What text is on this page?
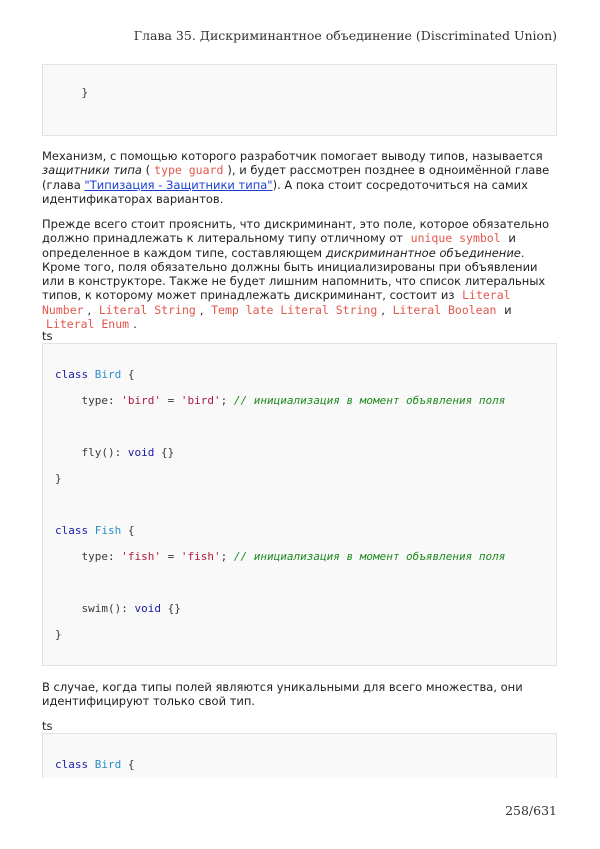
Глава 35. Дискриминантное объединение (Discriminated Union)

}

Механизм, с помощью которого разработчик помогает выводу типов, называется защитники типа ( type guard ), и будет рассмотрен позднее в одноимённой главе (глава "Типизация - Защитники типа"). А пока стоит сосредоточиться на самих идентификаторах вариантов.
Прежде всего стоит прояснить, что дискриминант, это поле, которое обязательно должно принадлежать к литеральному типу отличному от unique symbol и определенное в каждом типе, составляющем дискриминантное объединение. Кроме того, поля обязательно должны быть инициализированы при объявлении или в конструкторе. Также не будет лишним напомнить, что список литеральных типов, к которому может принадлежать дискриминант, состоит из Literal Number , Literal String , Temp late Literal String , Literal Boolean и Literal Enum .
ts

class Bird {

type: 'bird' = 'bird'; // инициализация в момент объявления поля

fly(): void {}

}

class Fish {

type: 'fish' = 'fish'; // инициализация в момент объявления поля

swim(): void {}

}

В случае, когда типы полей являются уникальными для всего множества, они идентифицируют только свой тип.
ts

class Bird {

258/631
